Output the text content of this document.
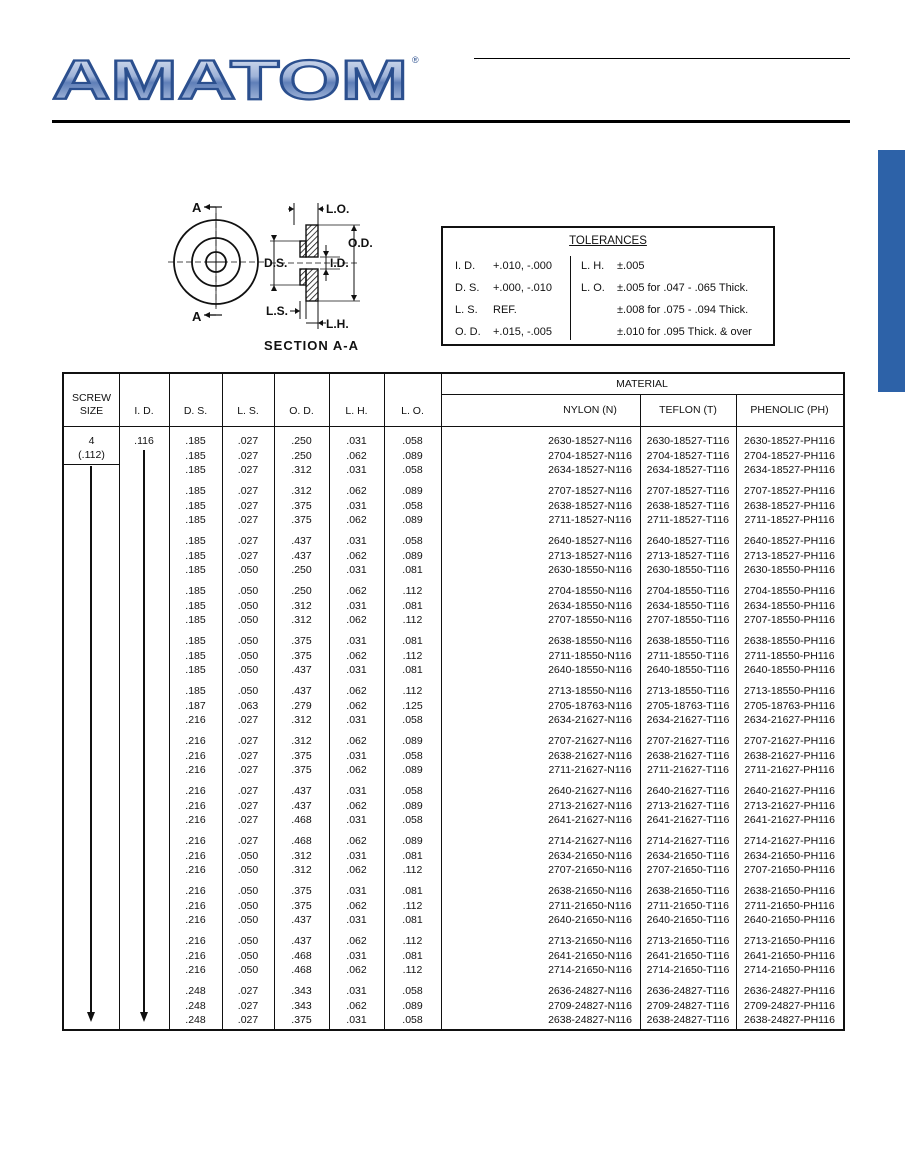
AMATOM ®
A
A
L.O.
O.D.
D.S.	I.D.
L.S.
L.H.
SECTION A-A
TOLERANCES
I. D. +.010, -.000
D. S. +.000, -.010
L. S. REF.
O. D. +.015, -.005
L. H. ±.005
L. O. ±.005 for .047 - .065 Thick.
±.008 for .075 - .094 Thick.
±.010 for .095 Thick. & over
SCREW
SIZE	I. D.	D. S.	L. S.	O. D.	L. H.	L. O.
MATERIAL
NYLON (N)	TEFLON (T)	PHENOLIC (PH)
.185	.027	.250	.031	.058	2630-18527-N116	2630-18527-T116	2630-18527-PH116
.185	.027	.250	.062	.089	2704-18527-N116	2704-18527-T116	2704-18527-PH116
.185	.027	.312	.031	.058	2634-18527-N116	2634-18527-T116	2634-18527-PH116
.185	.027	.312	.062	.089	2707-18527-N116	2707-18527-T116	2707-18527-PH116
.185	.027	.375	.031	.058	2638-18527-N116	2638-18527-T116	2638-18527-PH116
.185	.027	.375	.062	.089	2711-18527-N116	2711-18527-T116	2711-18527-PH116
.185	.027	.437	.031	.058	2640-18527-N116	2640-18527-T116	2640-18527-PH116
.185	.027	.437	.062	.089	2713-18527-N116	2713-18527-T116	2713-18527-PH116
.185	.050	.250	.031	.081	2630-18550-N116	2630-18550-T116	2630-18550-PH116
.185	.050	.250	.062	.112	2704-18550-N116	2704-18550-T116	2704-18550-PH116
.185	.050	.312	.031	.081	2634-18550-N116	2634-18550-T116	2634-18550-PH116
.185	.050	.312	.062	.112	2707-18550-N116	2707-18550-T116	2707-18550-PH116
.185	.050	.375	.031	.081	2638-18550-N116	2638-18550-T116	2638-18550-PH116
.185	.050	.375	.062	.112	2711-18550-N116	2711-18550-T116	2711-18550-PH116
.185	.050	.437	.031	.081	2640-18550-N116	2640-18550-T116	2640-18550-PH116
.185	.050	.437	.062	.112	2713-18550-N116	2713-18550-T116	2713-18550-PH116
.187	.063	.279	.062	.125	2705-18763-N116	2705-18763-T116	2705-18763-PH116
.216	.027	.312	.031	.058	2634-21627-N116	2634-21627-T116	2634-21627-PH116
.216	.027	.312	.062	.089	2707-21627-N116	2707-21627-T116	2707-21627-PH116
.216	.027	.375	.031	.058	2638-21627-N116	2638-21627-T116	2638-21627-PH116
.216	.027	.375	.062	.089	2711-21627-N116	2711-21627-T116	2711-21627-PH116
.216	.027	.437	.031	.058	2640-21627-N116	2640-21627-T116	2640-21627-PH116
.216	.027	.437	.062	.089	2713-21627-N116	2713-21627-T116	2713-21627-PH116
.216	.027	.468	.031	.058	2641-21627-N116	2641-21627-T116	2641-21627-PH116
.216	.027	.468	.062	.089	2714-21627-N116	2714-21627-T116	2714-21627-PH116
.216	.050	.312	.031	.081	2634-21650-N116	2634-21650-T116	2634-21650-PH116
.216	.050	.312	.062	.112	2707-21650-N116	2707-21650-T116	2707-21650-PH116
.216	.050	.375	.031	.081	2638-21650-N116	2638-21650-T116	2638-21650-PH116
.216	.050	.375	.062	.112	2711-21650-N116	2711-21650-T116	2711-21650-PH116
.216	.050	.437	.031	.081	2640-21650-N116	2640-21650-T116	2640-21650-PH116
.216	.050	.437	.062	.112	2713-21650-N116	2713-21650-T116	2713-21650-PH116
.216	.050	.468	.031	.081	2641-21650-N116	2641-21650-T116	2641-21650-PH116
.216	.050	.468	.062	.112	2714-21650-N116	2714-21650-T116	2714-21650-PH116
.248	.027	.343	.031	.058	2636-24827-N116	2636-24827-T116	2636-24827-PH116
.248	.027	.343	.062	.089	2709-24827-N116	2709-24827-T116	2709-24827-PH116
.248	.027	.375	.031	.058	2638-24827-N116	2638-24827-T116	2638-24827-PH116
4
(.112)
.116
